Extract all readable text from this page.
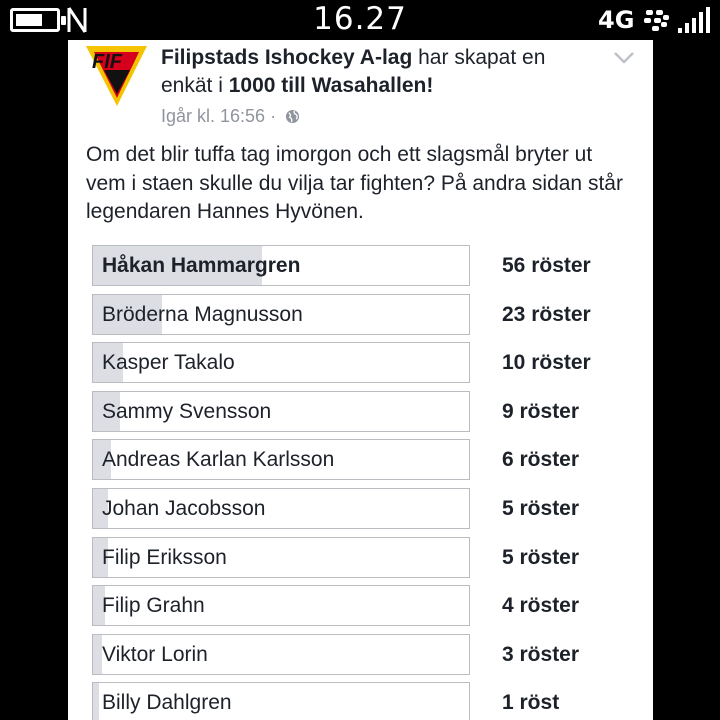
16.27	4G
FIF Filipstads Ishockey A-lag har skapat en enkät i 1000 till Wasahallen!
Igår kl. 16:56 ·
Om det blir tuffa tag imorgon och ett slagsmål bryter ut vem i staen skulle du vilja tar fighten? På andra sidan står legendaren Hannes Hyvönen.
Håkan Hammargren	56 röster
Bröderna Magnusson	23 röster
Kasper Takalo	10 röster
Sammy Svensson	9 röster
Andreas Karlan Karlsson	6 röster
Johan Jacobsson	5 röster
Filip Eriksson	5 röster
Filip Grahn	4 röster
Viktor Lorin	3 röster
Billy Dahlgren	1 röst
